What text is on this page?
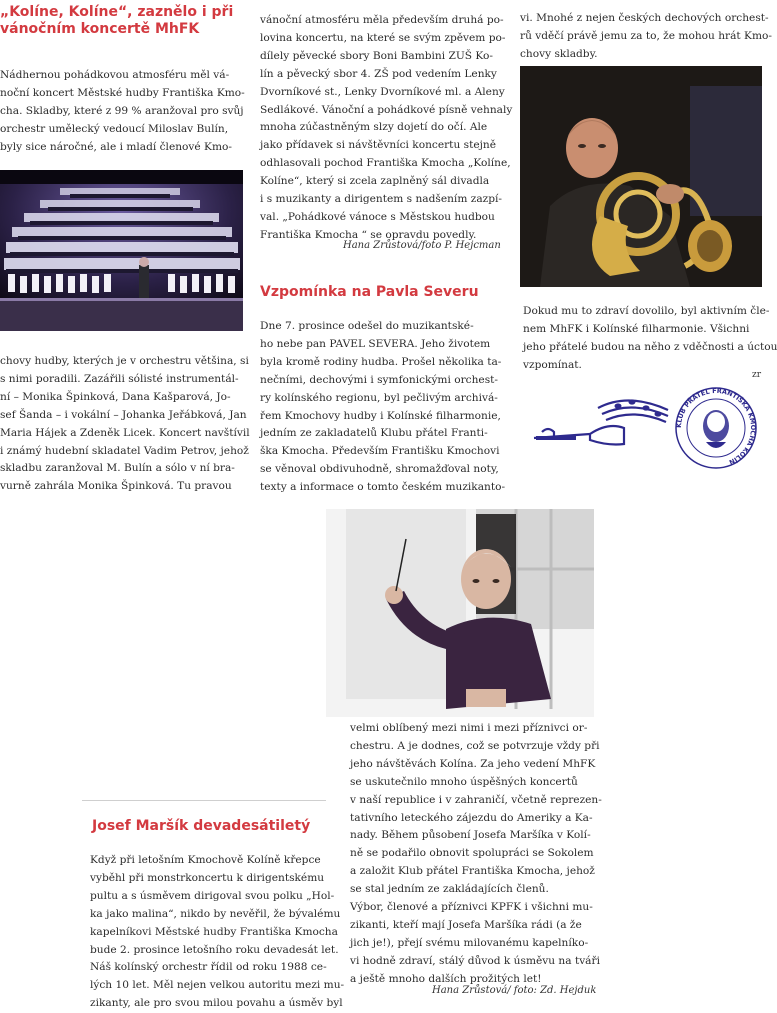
„Kolíne, Kolíne“, zaznělo i při
vánočním koncertě MhFK
Nádhernou pohádkovou atmosféru měl vá-
noční koncert Městské hudby Františka Kmo-
cha. Skladby, které z 99 % aranžoval pro svůj
orchestr umělecký vedoucí Miloslav Bulín,
byly sice náročné, ale i mladí členové Kmo-
chovy hudby, kterých je v orchestru většina, si
s nimi poradili. Zazářili sólisté instrumentál-
ní – Monika Špinková, Dana Kašparová, Jo-
sef Šanda – i vokální – Johanka Jeřábková, Jan
Maria Hájek a Zdeněk Licek. Koncert navštívil
i známý hudební skladatel Vadim Petrov, jehož
skladbu zaranžoval M. Bulín a sólo v ní bra-
vurně zahrála Monika Špinková. Tu pravou
vánoční atmosféru měla především druhá po-
lovina koncertu, na které se svým zpěvem po-
dílely pěvecké sbory Boni Bambini ZUŠ Ko-
lín a pěvecký sbor 4. ZŠ pod vedením Lenky
Dvorníkové st., Lenky Dvorníkové ml. a Aleny
Sedlákové. Vánoční a pohádkové písně vehnaly
mnoha zúčastněným slzy dojetí do očí. Ale
jako přídavek si návštěvníci koncertu stejně
odhlasovali pochod Františka Kmocha „Kolíne,
Kolíne“, který si zcela zaplněný sál divadla
i s muzikanty a dirigentem s nadšením zazpí-
val. „Pohádkové vánoce s Městskou hudbou
Františka Kmocha “ se opravdu povedly.
Hana Zrůstová/foto P. Hejcman
Vzpomínka na Pavla Severu
Dne 7. prosince odešel do muzikantské-
ho nebe pan PAVEL SEVERA. Jeho životem
byla kromě rodiny hudba. Prošel několika ta-
nečními, dechovými i symfonickými orchest-
ry kolínského regionu, byl pečlivým archivá-
řem Kmochovy hudby i Kolínské filharmonie,
jedním ze zakladatelů Klubu přátel Franti-
ška Kmocha. Především Františku Kmochovi
se věnoval obdivuhodně, shromažďoval noty,
texty a informace o tomto českém muzikanto-
vi. Mnohé z nejen českých dechových orchest-
rů vděčí právě jemu za to, že mohou hrát Kmo-
chovy skladby.
Dokud mu to zdraví dovolilo, byl aktivním čle-
nem MhFK i Kolínské filharmonie. Všichni
jeho přátelé budou na něho z vděčnosti a úctou
vzpomínat.
zr
KLUB PŘÁTEL FRANTIŠKA KMOCHA KOLÍN
Josef Maršík devadesátiletý
Když při letošním Kmochově Kolíně křepce
vyběhl při monstrkoncertu k dirigentskému
pultu a s úsměvem dirigoval svou polku „Hol-
ka jako malina“, nikdo by nevěřil, že bývalému
kapelníkovi Městské hudby Františka Kmocha
bude 2. prosince letošního roku devadesát let.
Náš kolínský orchestr řídil od roku 1988 ce-
lých 10 let. Měl nejen velkou autoritu mezi mu-
zikanty, ale pro svou milou povahu a úsměv byl
velmi oblíbený mezi nimi i mezi příznivci or-
chestru. A je dodnes, což se potvrzuje vždy při
jeho návštěvách Kolína. Za jeho vedení MhFK
se uskutečnilo mnoho úspěšných koncertů
v naší republice i v zahraničí, včetně reprezen-
tativního leteckého zájezdu do Ameriky a Ka-
nady. Během působení Josefa Maršíka v Kolí-
ně se podařilo obnovit spolupráci se Sokolem
a založit Klub přátel Františka Kmocha, jehož
se stal jedním ze zakládajících členů.
Výbor, členové a příznivci KPFK i všichni mu-
zikanti, kteří mají Josefa Maršíka rádi (a že
jich je!), přejí svému milovanému kapelníko-
vi hodně zdraví, stálý důvod k úsměvu na tváři
a ještě mnoho dalších prožitých let!
Hana Zrůstová/ foto: Zd. Hejduk
